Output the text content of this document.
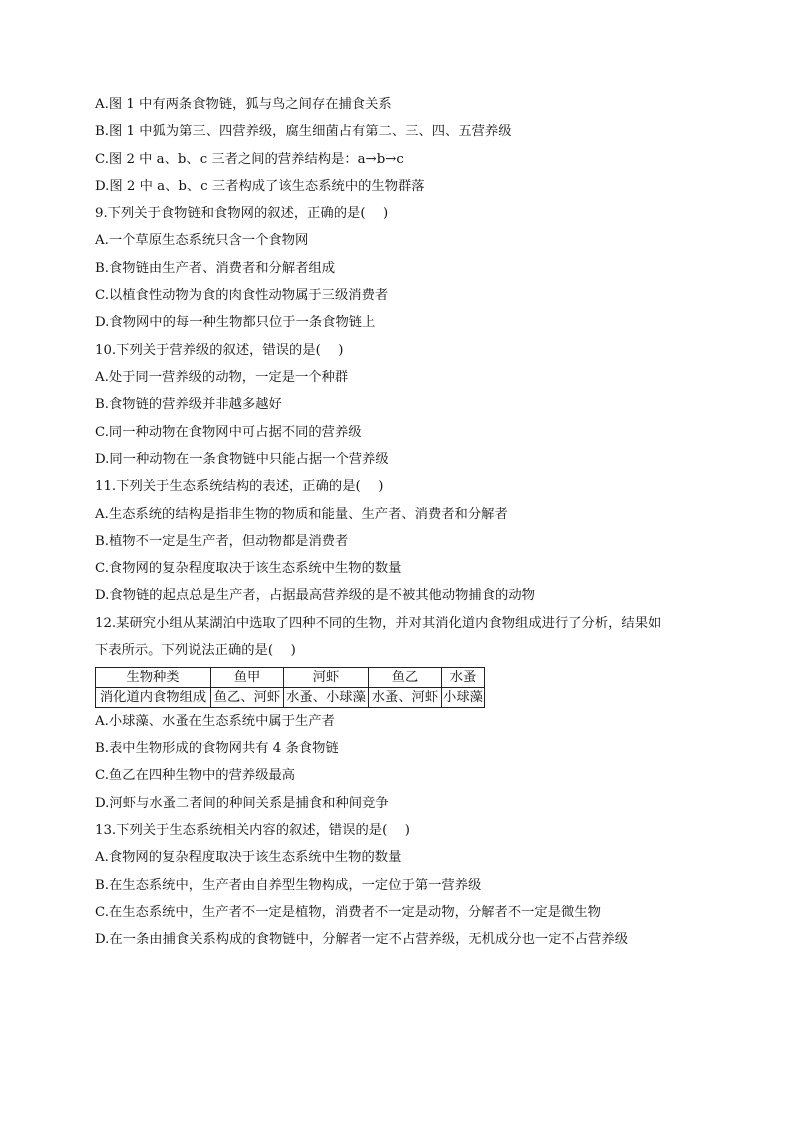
A.图 1 中有两条食物链，狐与鸟之间存在捕食关系
B.图 1 中狐为第三、四营养级，腐生细菌占有第二、三、四、五营养级
C.图 2 中 a、b、c 三者之间的营养结构是：a→b→c
D.图 2 中 a、b、c 三者构成了该生态系统中的生物群落
9.下列关于食物链和食物网的叙述，正确的是(　 )
A.一个草原生态系统只含一个食物网
B.食物链由生产者、消费者和分解者组成
C.以植食性动物为食的肉食性动物属于三级消费者
D.食物网中的每一种生物都只位于一条食物链上
10.下列关于营养级的叙述，错误的是(　 )
A.处于同一营养级的动物，一定是一个种群
B.食物链的营养级并非越多越好
C.同一种动物在食物网中可占据不同的营养级
D.同一种动物在一条食物链中只能占据一个营养级
11.下列关于生态系统结构的表述，正确的是(　 )
A.生态系统的结构是指非生物的物质和能量、生产者、消费者和分解者
B.植物不一定是生产者，但动物都是消费者
C.食物网的复杂程度取决于该生态系统中生物的数量
D.食物链的起点总是生产者，占据最高营养级的是不被其他动物捕食的动物
12.某研究小组从某湖泊中选取了四种不同的生物，并对其消化道内食物组成进行了分析，结果如下表所示。下列说法正确的是(　 )
生物种类	鱼甲	河虾	鱼乙	水蚤
消化道内食物组成	鱼乙、河虾	水蚤、小球藻	水蚤、河虾	小球藻
A.小球藻、水蚤在生态系统中属于生产者
B.表中生物形成的食物网共有 4 条食物链
C.鱼乙在四种生物中的营养级最高
D.河虾与水蚤二者间的种间关系是捕食和种间竞争
13.下列关于生态系统相关内容的叙述，错误的是(　 )
A.食物网的复杂程度取决于该生态系统中生物的数量
B.在生态系统中，生产者由自养型生物构成，一定位于第一营养级
C.在生态系统中，生产者不一定是植物，消费者不一定是动物，分解者不一定是微生物
D.在一条由捕食关系构成的食物链中，分解者一定不占营养级，无机成分也一定不占营养级
